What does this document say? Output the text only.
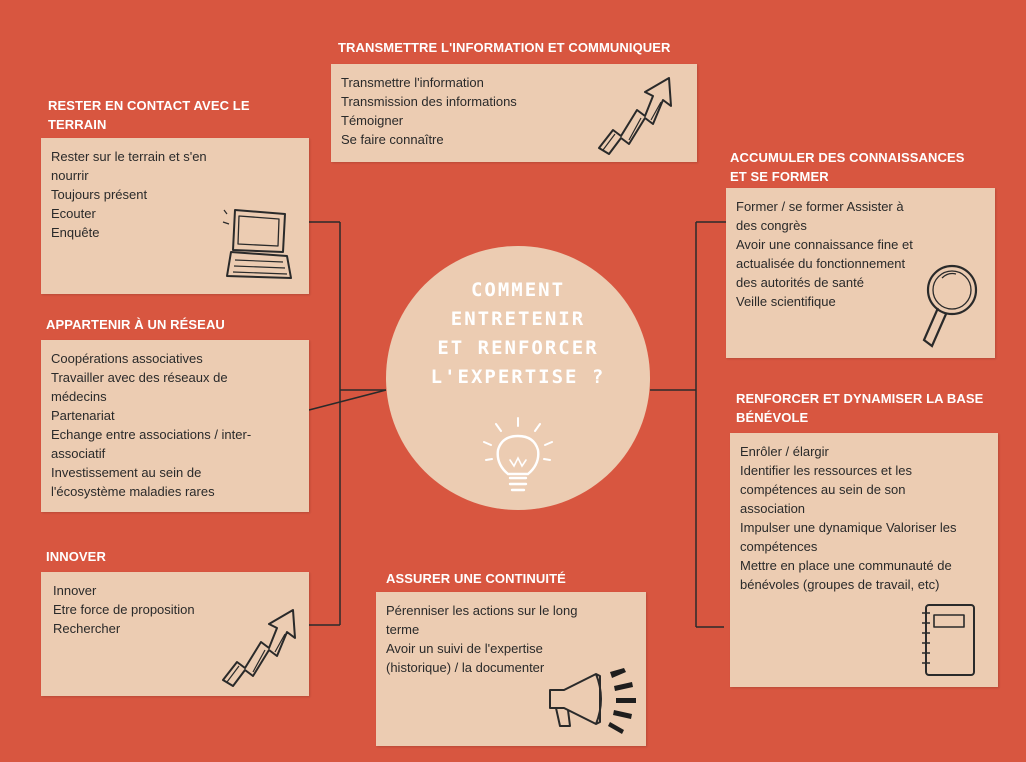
TRANSMETTRE L'INFORMATION ET COMMUNIQUER
Transmettre l'information
Transmission des informations
Témoigner
Se faire connaître
RESTER EN CONTACT AVEC LE
TERRAIN
Rester sur le terrain et s'en
nourrir
Toujours présent
Ecouter
Enquête
APPARTENIR À UN RÉSEAU
Coopérations associatives
Travailler avec des réseaux de
médecins
Partenariat
Echange entre associations / inter-
associatif
Investissement au sein de
l'écosystème maladies rares
INNOVER
Innover
Etre force de proposition
Rechercher
ASSURER UNE CONTINUITÉ
Pérenniser les actions sur le long
terme
Avoir un suivi de l'expertise
(historique) / la documenter
ACCUMULER DES CONNAISSANCES
ET SE FORMER
Former / se former Assister à
des congrès
Avoir une connaissance fine et
actualisée du fonctionnement
des autorités de santé
Veille scientifique
RENFORCER ET DYNAMISER LA BASE
BÉNÉVOLE
Enrôler / élargir
Identifier les ressources et les
compétences au sein de son
association
Impulser une dynamique Valoriser les
compétences
Mettre en place une communauté de
bénévoles (groupes de travail, etc)
COMMENT
ENTRETENIR
ET RENFORCER
L'EXPERTISE ?
